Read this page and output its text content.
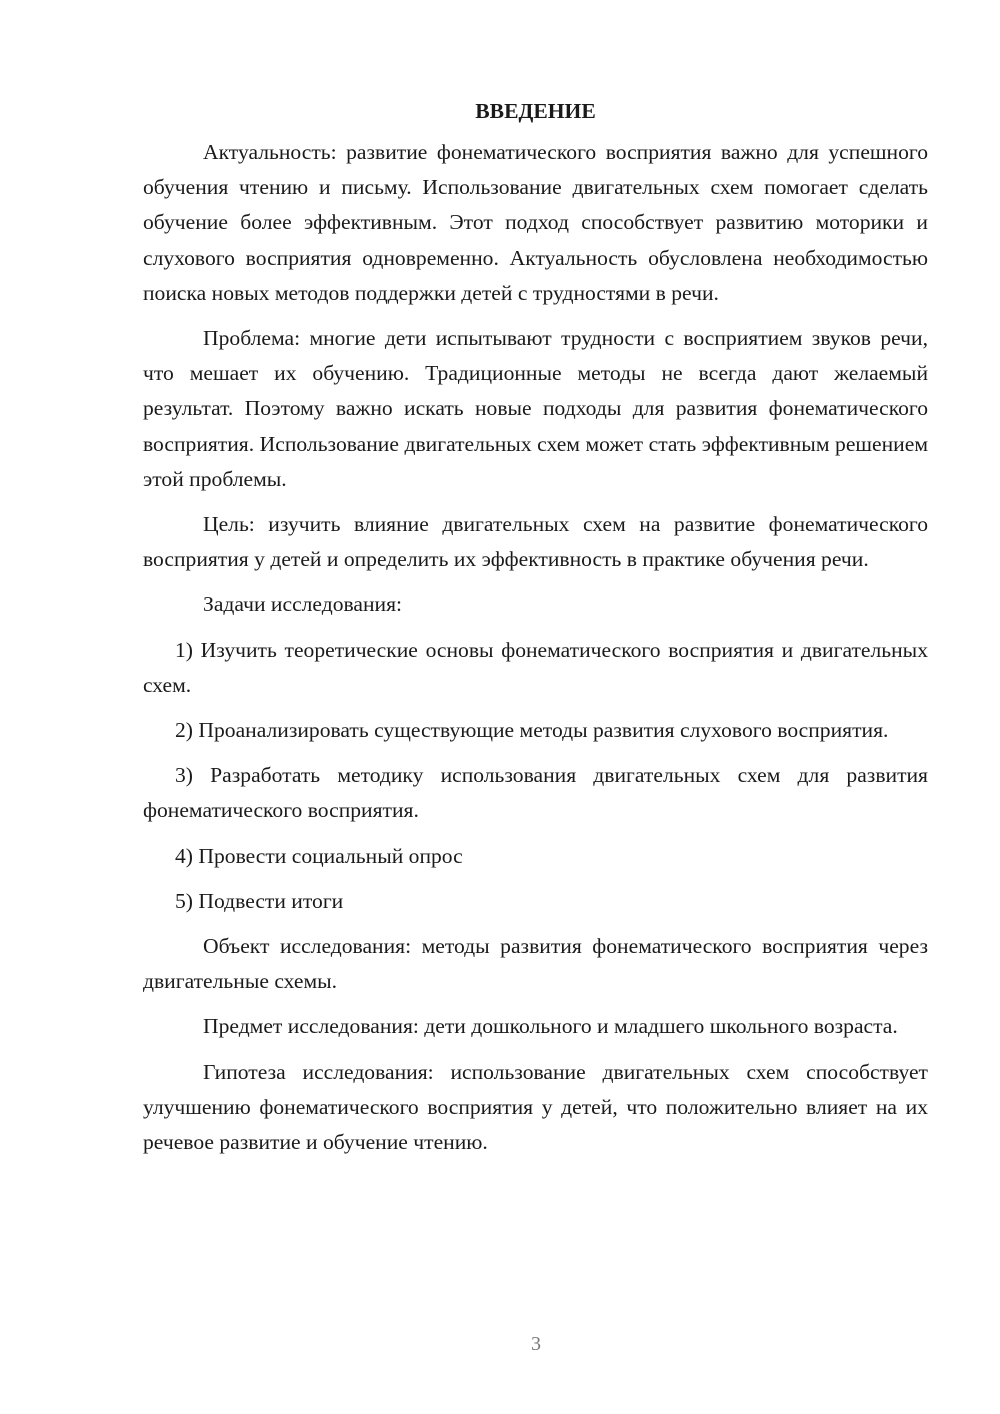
ВВЕДЕНИЕ

Актуальность: развитие фонематического восприятия важно для успешного обучения чтению и письму. Использование двигательных схем помогает сделать обучение более эффективным. Этот подход способствует развитию моторики и слухового восприятия одновременно. Актуальность обусловлена необходимостью поиска новых методов поддержки детей с трудностями в речи.

Проблема: многие дети испытывают трудности с восприятием звуков речи, что мешает их обучению. Традиционные методы не всегда дают желаемый результат. Поэтому важно искать новые подходы для развития фонематического восприятия. Использование двигательных схем может стать эффективным решением этой проблемы.

Цель: изучить влияние двигательных схем на развитие фонематического восприятия у детей и определить их эффективность в практике обучения речи.

Задачи исследования:

1) Изучить теоретические основы фонематического восприятия и двигательных схем.

2) Проанализировать существующие методы развития слухового восприятия.

3) Разработать методику использования двигательных схем для развития фонематического восприятия.

4) Провести социальный опрос

5) Подвести итоги

Объект исследования: методы развития фонематического восприятия через двигательные схемы.

Предмет исследования: дети дошкольного и младшего школьного возраста.

Гипотеза исследования: использование двигательных схем способствует улучшению фонематического восприятия у детей, что положительно влияет на их речевое развитие и обучение чтению.

3
